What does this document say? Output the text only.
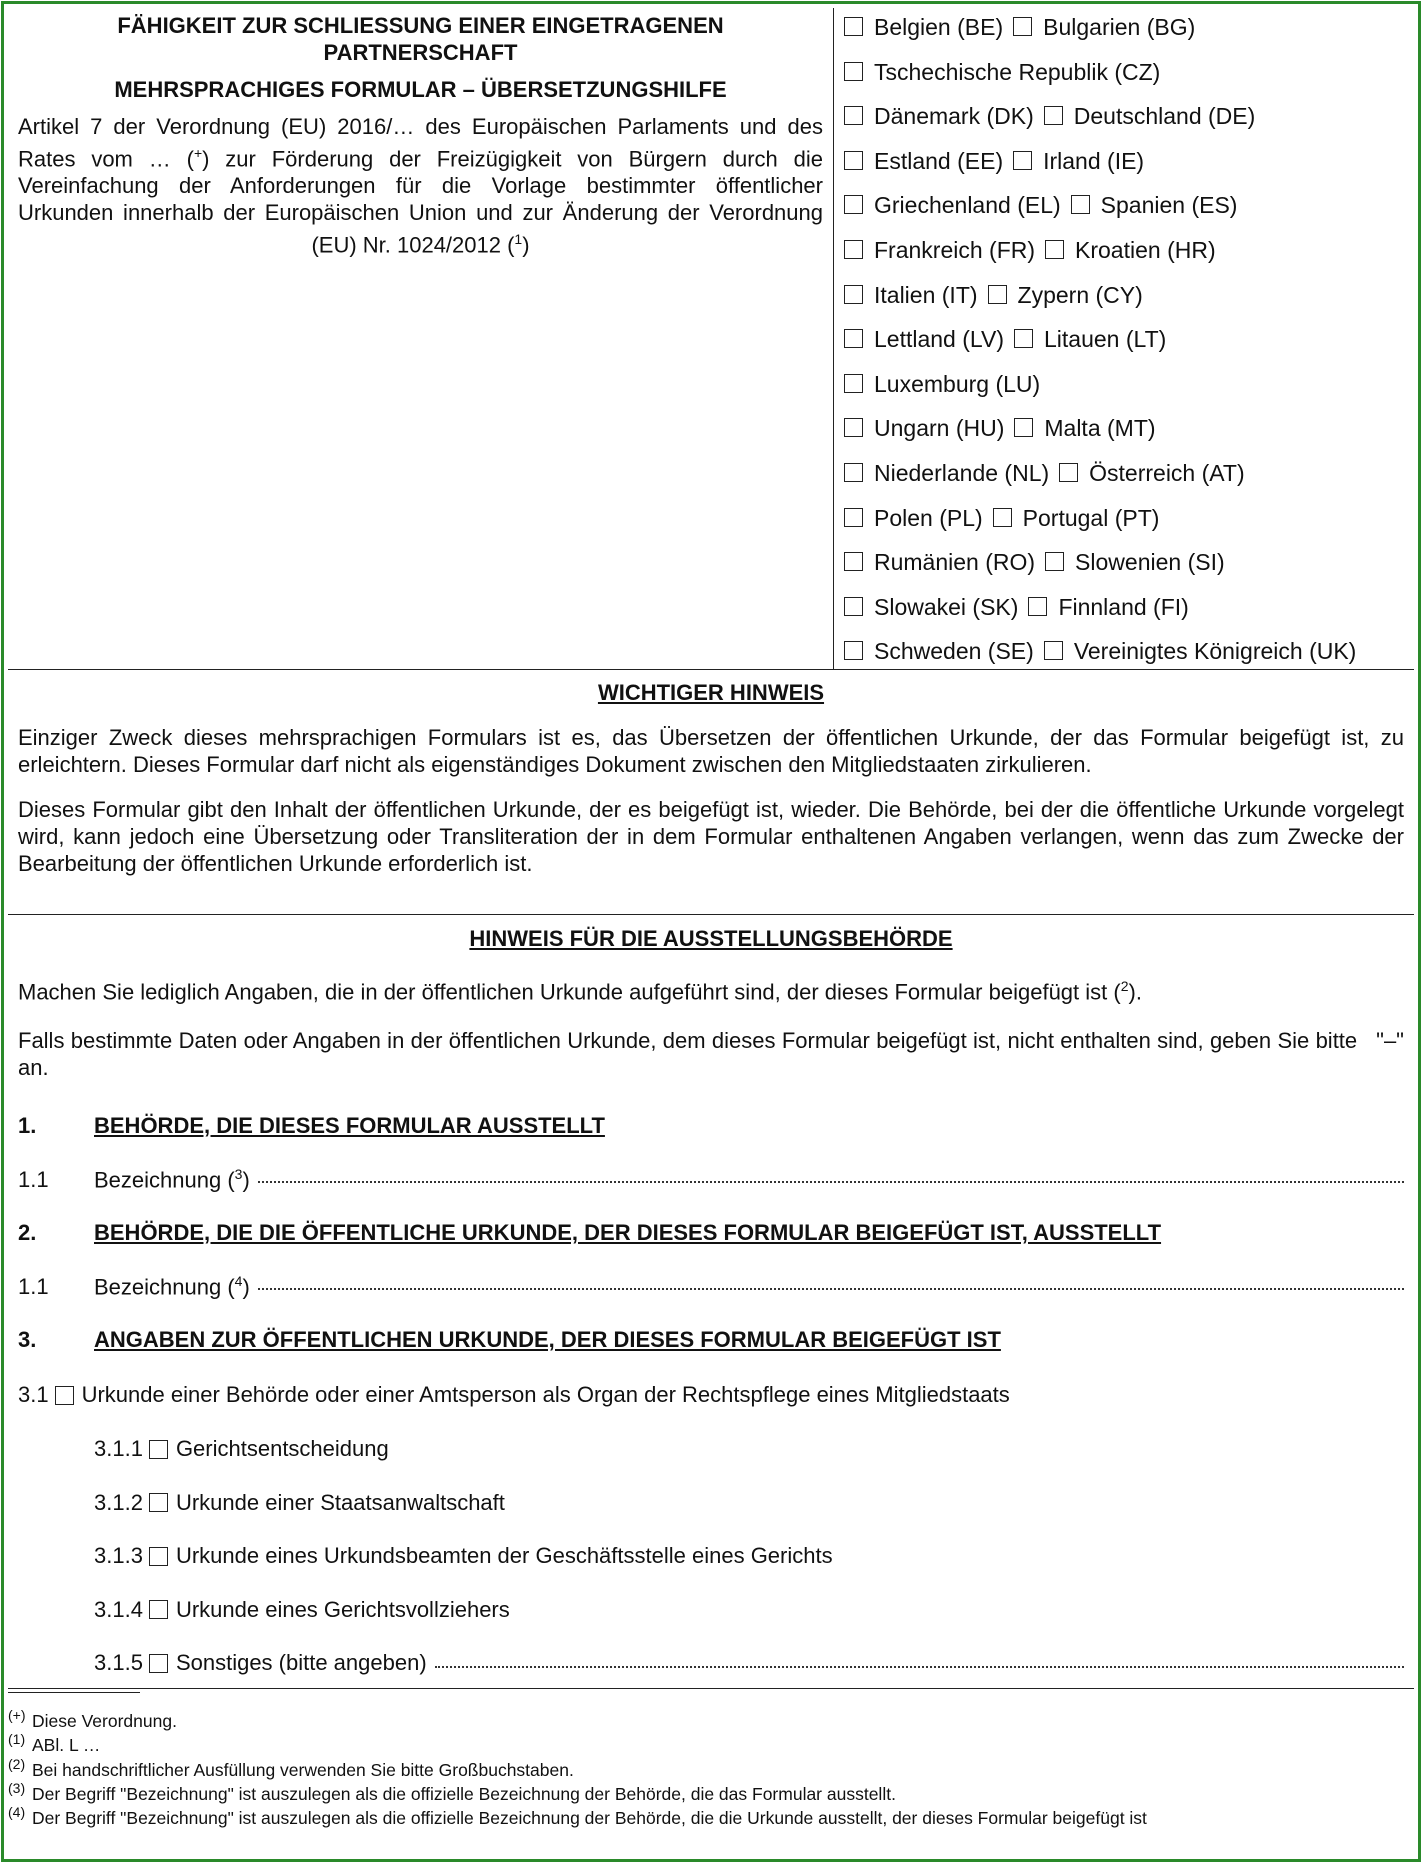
FÄHIGKEIT ZUR SCHLIESSUNG EINER EINGETRAGENEN PARTNERSCHAFT
MEHRSPRACHIGES FORMULAR – ÜBERSETZUNGSHILFE
Artikel 7 der Verordnung (EU) 2016/… des Europäischen Parlaments und des Rates vom … (+) zur Förderung der Freizügigkeit von Bürgern durch die Vereinfachung der Anforderungen für die Vorlage bestimmter öffentlicher Urkunden innerhalb der Europäischen Union und zur Änderung der Verordnung (EU) Nr. 1024/2012 ($^1$)
Belgien (BE) Bulgarien (BG)
Tschechische Republik (CZ)
Dänemark (DK) Deutschland (DE)
Estland (EE) Irland (IE)
Griechenland (EL) Spanien (ES)
Frankreich (FR) Kroatien (HR)
Italien (IT) Zypern (CY)
Lettland (LV) Litauen (LT)
Luxemburg (LU)
Ungarn (HU) Malta (MT)
Niederlande (NL) Österreich (AT)
Polen (PL) Portugal (PT)
Rumänien (RO) Slowenien (SI)
Slowakei (SK) Finnland (FI)
Schweden (SE) Vereinigtes Königreich (UK)
WICHTIGER HINWEIS
Einziger Zweck dieses mehrsprachigen Formulars ist es, das Übersetzen der öffentlichen Urkunde, der das Formular beigefügt ist, zu erleichtern. Dieses Formular darf nicht als eigenständiges Dokument zwischen den Mitgliedstaaten zirkulieren.
Dieses Formular gibt den Inhalt der öffentlichen Urkunde, der es beigefügt ist, wieder. Die Behörde, bei der die öffentliche Urkunde vorgelegt wird, kann jedoch eine Übersetzung oder Transliteration der in dem Formular enthaltenen Angaben verlangen, wenn das zum Zwecke der Bearbeitung der öffentlichen Urkunde erforderlich ist.
HINWEIS FÜR DIE AUSSTELLUNGSBEHÖRDE
Machen Sie lediglich Angaben, die in der öffentlichen Urkunde aufgeführt sind, der dieses Formular beigefügt ist ($^2$).
Falls bestimmte Daten oder Angaben in der öffentlichen Urkunde, dem dieses Formular beigefügt ist, nicht enthalten sind, geben Sie bitte   "–" an.
1.	BEHÖRDE, DIE DIESES FORMULAR AUSSTELLT
1.1	Bezeichnung ($^3$)
2.	BEHÖRDE, DIE DIE ÖFFENTLICHE URKUNDE, DER DIESES FORMULAR BEIGEFÜGT IST, AUSSTELLT
1.1	Bezeichnung ($^4$)
3.	ANGABEN ZUR ÖFFENTLICHEN URKUNDE, DER DIESES FORMULAR BEIGEFÜGT IST
3.1 Urkunde einer Behörde oder einer Amtsperson als Organ der Rechtspflege eines Mitgliedstaats
3.1.1 Gerichtsentscheidung
3.1.2 Urkunde einer Staatsanwaltschaft
3.1.3 Urkunde eines Urkundsbeamten der Geschäftsstelle eines Gerichts
3.1.4 Urkunde eines Gerichtsvollziehers
3.1.5 Sonstiges (bitte angeben)
(+) Diese Verordnung.
$^{(1)}$ ABl. L …
$^{(2)}$ Bei handschriftlicher Ausfüllung verwenden Sie bitte Großbuchstaben.
$^{(3)}$ Der Begriff "Bezeichnung" ist auszulegen als die offizielle Bezeichnung der Behörde, die das Formular ausstellt.
$^{(4)}$ Der Begriff "Bezeichnung" ist auszulegen als die offizielle Bezeichnung der Behörde, die die Urkunde ausstellt, der dieses Formular beigefügt ist
